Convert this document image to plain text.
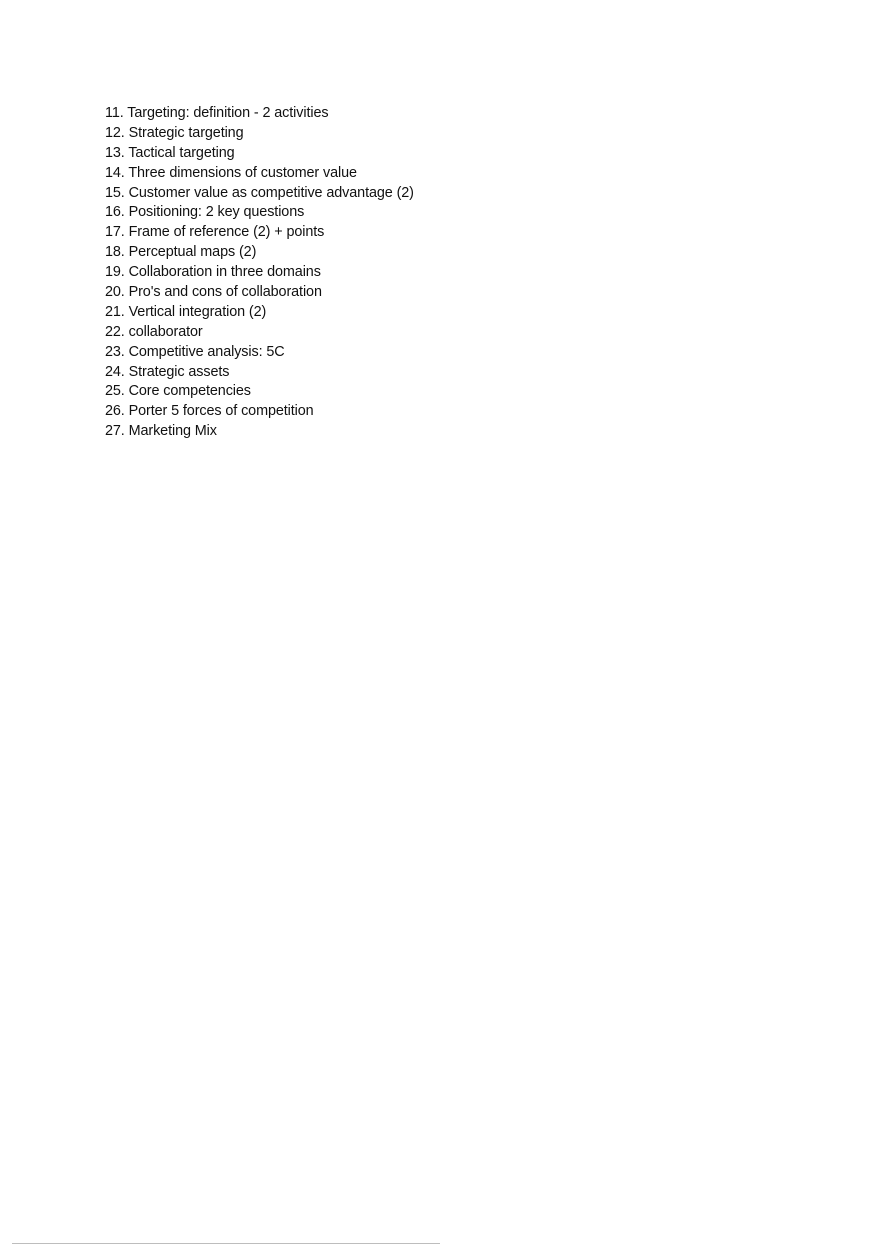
11. Targeting: definition - 2 activities
12. Strategic targeting
13. Tactical targeting
14. Three dimensions of customer value
15. Customer value as competitive advantage (2)
16. Positioning: 2 key questions
17. Frame of reference (2) + points
18. Perceptual maps (2)
19. Collaboration in three domains
20. Pro's and cons of collaboration
21. Vertical integration (2)
22. collaborator
23. Competitive analysis: 5C
24. Strategic assets
25. Core competencies
26. Porter 5 forces of competition
27. Marketing Mix
